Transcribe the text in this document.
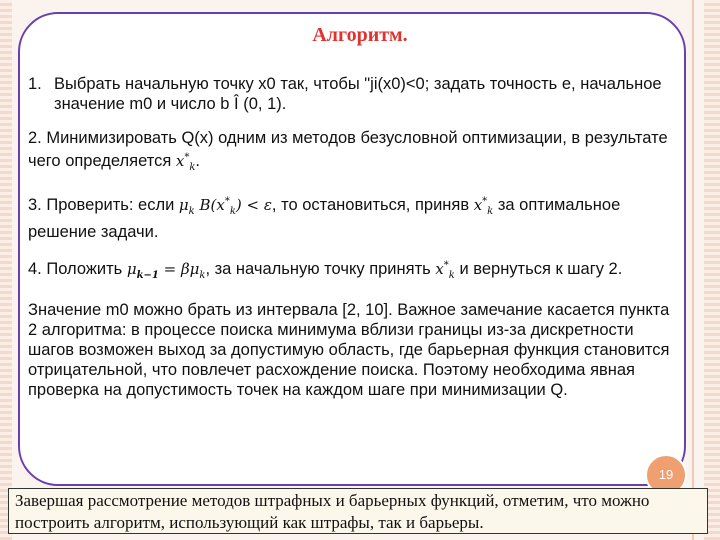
Алгоритм.
1. Выбрать начальную точку x0 так, чтобы "ji(x0)<0; задать точность e, начальное значение m0 и число b Î (0, 1).
2. Минимизировать Q(x) одним из методов безусловной оптимизации, в результате чего определяется $x^*_k$.
3. Проверить: если $\mu_k$ $B(x^*_k) < \varepsilon$, то остановиться, приняв $x^*_k$ за оптимальное решение задачи.
4. Положить $\mu_{k-1} = \beta\mu_k$, за начальную точку принять $x^*_k$ и вернуться к шагу 2.
Значение m0 можно брать из интервала [2, 10]. Важное замечание касается пункта 2 алгоритма: в процессе поиска минимума вблизи границы из-за дискретности шагов возможен выход за допустимую область, где барьерная функция становится отрицательной, что повлечет расхождение поиска. Поэтому необходима явная проверка на допустимость точек на каждом шаге при минимизации Q.
19
Завершая рассмотрение методов штрафных и барьерных функций, отметим, что можно построить алгоритм, использующий как штрафы, так и барьеры.
